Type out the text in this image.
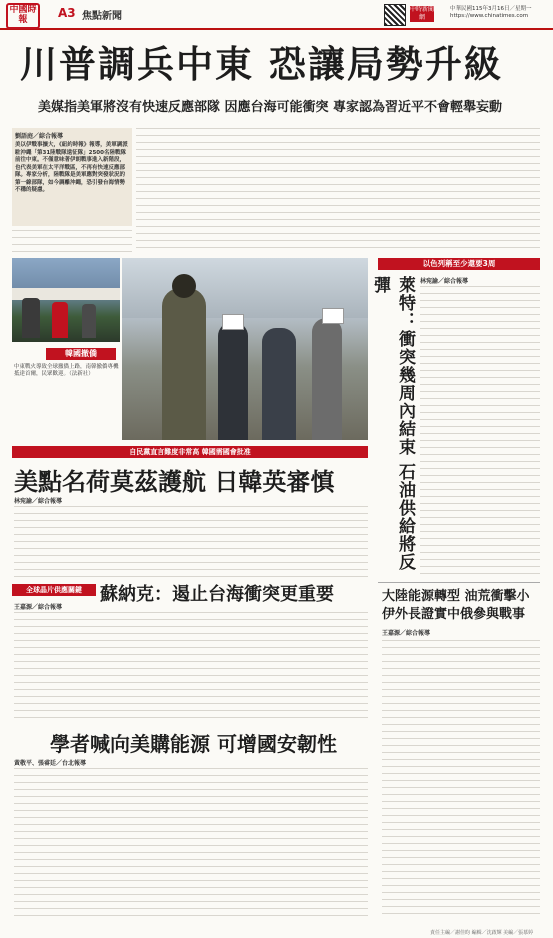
中國時報	A3 焦點新聞
中時新聞網
中華民國115年3月16日／星期一
https://www.chinatimes.com
川普調兵中東 恐讓局勢升級
美媒指美軍將沒有快速反應部隊 因應台海可能衝突 專家認為習近平不會輕舉妄動
劉語庭／綜合報導
美以伊戰事擴大，《紐約時報》報導，美軍調派駐沖繩「第31陸戰隊遠征隊」2500名陸戰隊前往中東。不僅意味著伊朗戰事進入新階段，也代表美軍在太平洋戰區，不再有快速反應部隊。專家分析，陸戰隊是美軍應對突發狀況的第一線部隊，如今調離沖繩，恐引發台海情勢不穩的疑慮。
韓國撤僑
中東戰火導致全球撤僑上路，南韓撤僑專機抵達首爾，民眾歡迎。（法新社）
自民黨直言難度非常高 韓國需國會批准
美點名荷莫茲護航 日韓英審慎
林宛諭／綜合報導
全球晶片供應關鍵	蘇納克：遏止台海衝突更重要
王嘉源／綜合報導
學者喊向美購能源 可增國安韌性
黃敬平、張睿廷／台北報導
以色列稱至少還要3周
萊特：衝突幾周內結束 石油供給將反彈	林宛諭／綜合報導
大陸能源轉型 油荒衝擊小 伊外長證實中俄參與戰事
王嘉源／綜合報導
責任主編／謝佳昀 編輯／沈啟輝 美編／張慕婷
